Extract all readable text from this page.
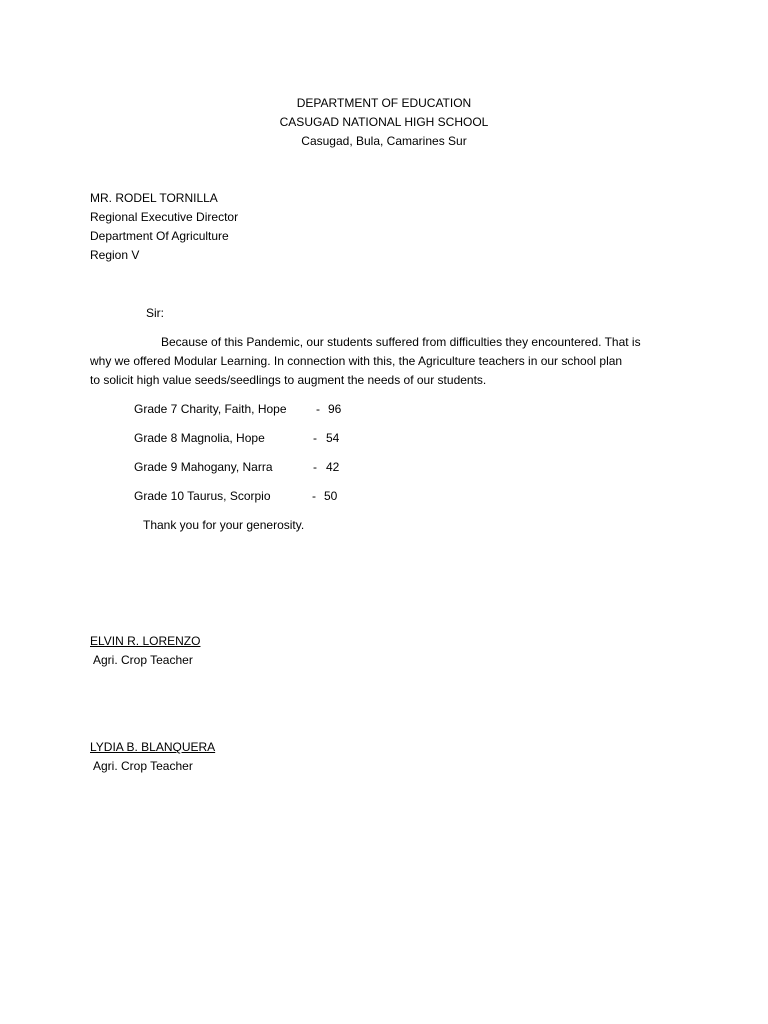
DEPARTMENT OF EDUCATION
CASUGAD NATIONAL HIGH SCHOOL
Casugad, Bula, Camarines Sur
MR. RODEL TORNILLA
Regional Executive Director
Department Of Agriculture
Region V
Sir:
Because of this Pandemic, our students suffered from difficulties they encountered. That is
why we offered Modular Learning. In connection with this, the Agriculture teachers in our school plan
to solicit high value seeds/seedlings to augment the needs of our students.
Grade 7 Charity, Faith, Hope - 96
Grade 8 Magnolia, Hope	- 54
Grade 9 Mahogany, Narra	- 42
Grade 10 Taurus, Scorpio	- 50
Thank you for your generosity.
ELVIN R. LORENZO
Agri. Crop Teacher
LYDIA B. BLANQUERA
Agri. Crop Teacher
